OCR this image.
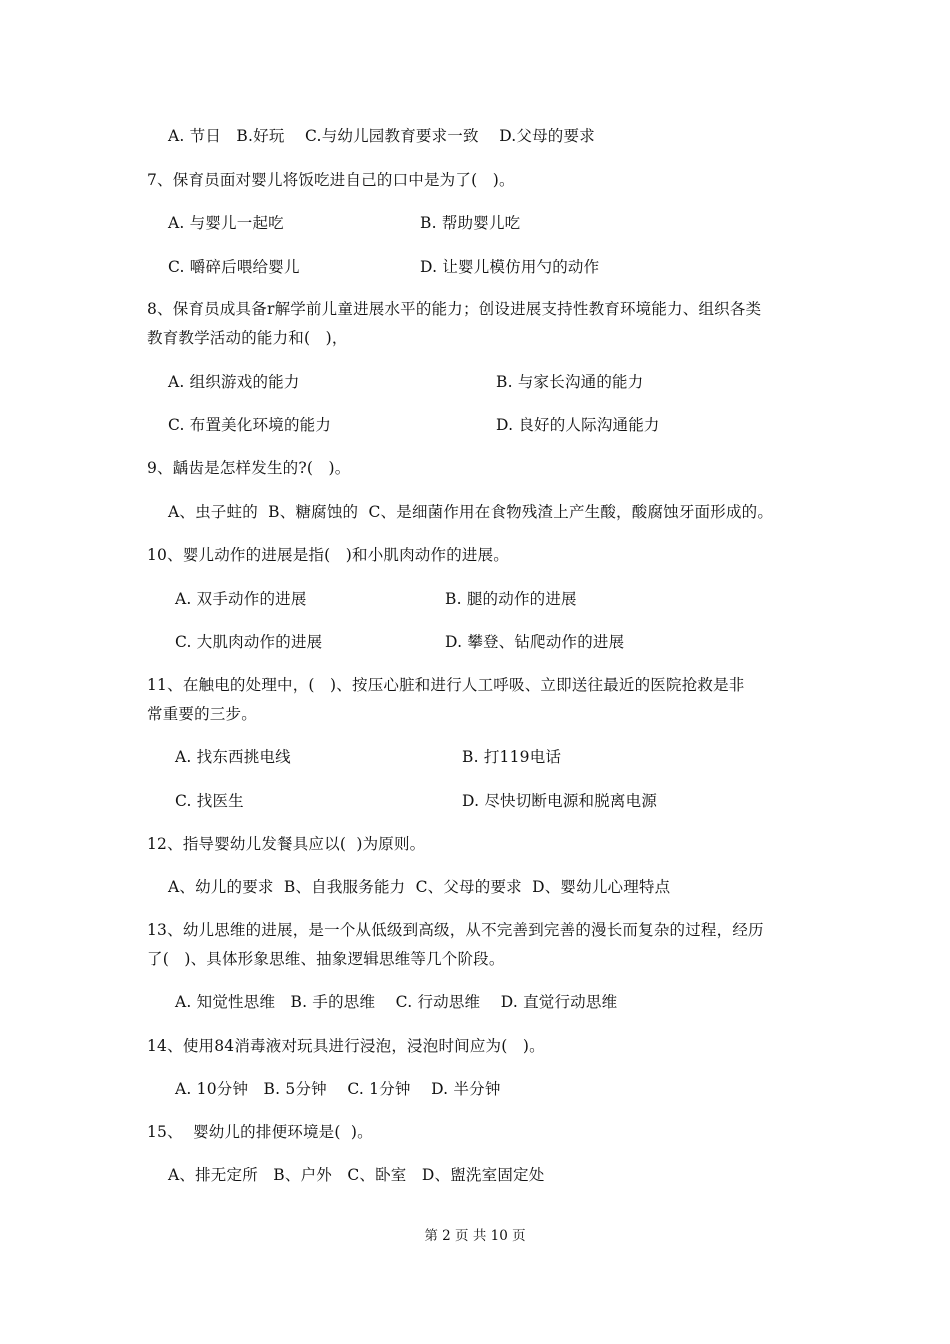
A. 节日   B.好玩    C.与幼儿园教育要求一致    D.父母的要求
7、保育员面对婴儿将饭吃进自己的口中是为了(   )。
A. 与婴儿一起吃	B. 帮助婴儿吃
C. 嚼碎后喂给婴儿	D. 让婴儿模仿用勺的动作
8、保育员成具备r解学前儿童进展水平的能力；创设进展支持性教育环境能力、组织各类
教育教学活动的能力和(   )，
A. 组织游戏的能力	B. 与家长沟通的能力
C. 布置美化环境的能力	D. 良好的人际沟通能力
9、龋齿是怎样发生的?(   )。
A、虫子蛀的  B、糖腐蚀的  C、是细菌作用在食物残渣上产生酸，酸腐蚀牙面形成的。
10、婴儿动作的进展是指(   )和小肌肉动作的进展。
A. 双手动作的进展	B. 腿的动作的进展
C. 大肌肉动作的进展	D. 攀登、钻爬动作的进展
11、在触电的处理中，(   )、按压心脏和进行人工呼吸、立即送往最近的医院抢救是非
常重要的三步。
A. 找东西挑电线	B. 打119电话
C. 找医生	D. 尽快切断电源和脱离电源
12、指导婴幼儿发餐具应以(  )为原则。
A、幼儿的要求  B、自我服务能力  C、父母的要求  D、婴幼儿心理特点
13、幼儿思维的进展，是一个从低级到高级，从不完善到完善的漫长而复杂的过程，经历
了(   )、具体形象思维、抽象逻辑思维等几个阶段。
A. 知觉性思维   B. 手的思维    C. 行动思维    D. 直觉行动思维
14、使用84消毒液对玩具进行浸泡，浸泡时间应为(   )。
A. 10分钟   B. 5分钟    C. 1分钟    D. 半分钟
15、  婴幼儿的排便环境是(  )。
A、排无定所   B、户外   C、卧室   D、盥洗室固定处
第 2 页 共 10 页
